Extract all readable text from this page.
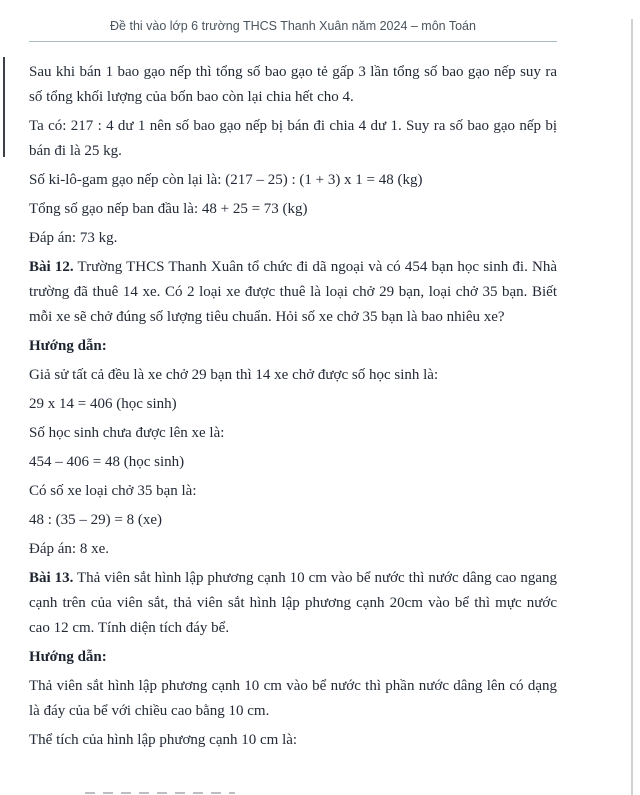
Đề thi vào lớp 6 trường THCS Thanh Xuân năm 2024 – môn Toán

Sau khi bán 1 bao gạo nếp thì tổng số bao gạo tẻ gấp 3 lần tổng số bao gạo nếp suy ra số tổng khối lượng của bốn bao còn lại chia hết cho 4.

Ta có: 217 : 4 dư 1 nên số bao gạo nếp bị bán đi chia 4 dư 1. Suy ra số bao gạo nếp bị bán đi là 25 kg.

Số ki-lô-gam gạo nếp còn lại là: (217 – 25) : (1 + 3) x 1 = 48 (kg)

Tổng số gạo nếp ban đầu là: 48 + 25 = 73 (kg)

Đáp án: 73 kg.

Bài 12. Trường THCS Thanh Xuân tổ chức đi dã ngoại và có 454 bạn học sinh đi. Nhà trường đã thuê 14 xe. Có 2 loại xe được thuê là loại chở 29 bạn, loại chở 35 bạn. Biết mỗi xe sẽ chở đúng số lượng tiêu chuẩn. Hỏi số xe chở 35 bạn là bao nhiêu xe?

Hướng dẫn:

Giả sử tất cả đều là xe chở 29 bạn thì 14 xe chở được số học sinh là:

29 x 14 = 406 (học sinh)

Số học sinh chưa được lên xe là:

454 – 406 = 48 (học sinh)

Có số xe loại chở 35 bạn là:

48 : (35 – 29) = 8 (xe)

Đáp án: 8 xe.

Bài 13. Thả viên sắt hình lập phương cạnh 10 cm vào bể nước thì nước dâng cao ngang cạnh trên của viên sắt, thả viên sắt hình lập phương cạnh 20cm vào bể thì mực nước cao 12 cm. Tính diện tích đáy bể.

Hướng dẫn:

Thả viên sắt hình lập phương cạnh 10 cm vào bể nước thì phần nước dâng lên có dạng là đáy của bể với chiều cao bằng 10 cm.

Thể tích của hình lập phương cạnh 10 cm là:
